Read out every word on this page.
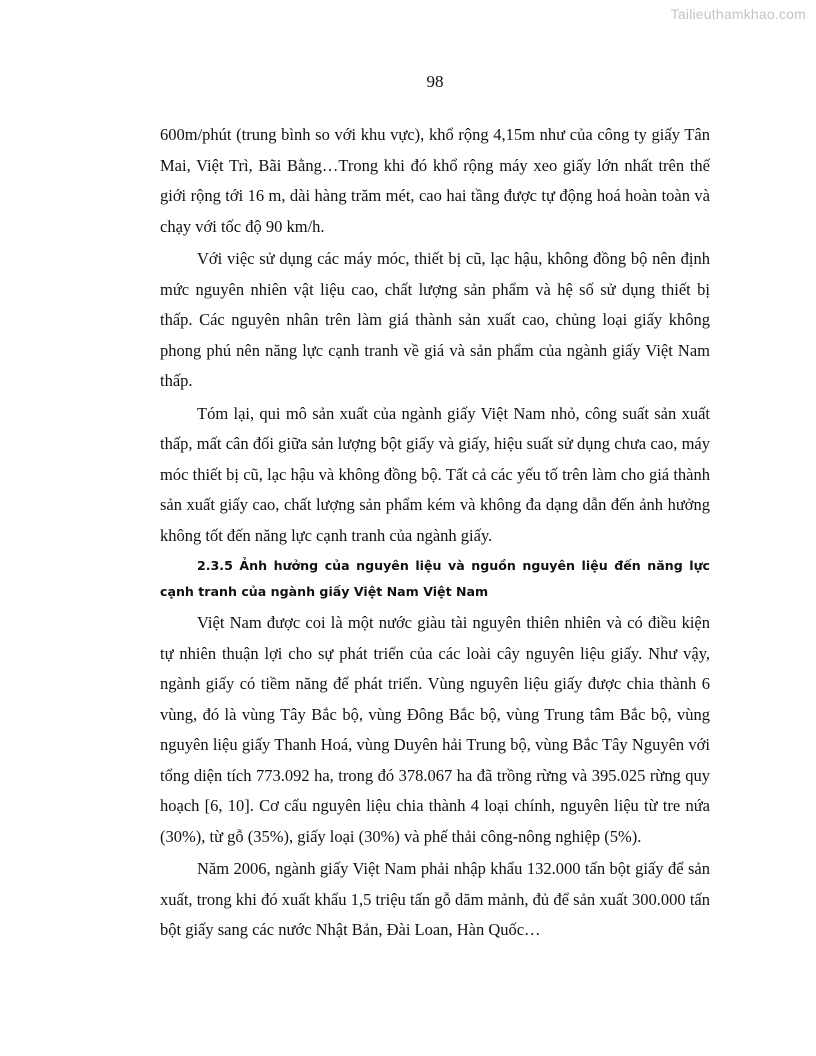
Tailieuthamkhao.com
98

600m/phút (trung bình so với khu vực), khổ rộng 4,15m như của công ty giấy Tân Mai, Việt Trì, Bãi Bằng…Trong khi đó khổ rộng máy xeo giấy lớn nhất trên thế giới rộng tới 16 m, dài hàng trăm mét, cao hai tầng được tự động hoá hoàn toàn và chạy với tốc độ 90 km/h.

Với việc sử dụng các máy móc, thiết bị cũ, lạc hậu, không đồng bộ nên định mức nguyên nhiên vật liệu cao, chất lượng sản phẩm và hệ số sử dụng thiết bị thấp. Các nguyên nhân trên làm giá thành sản xuất cao, chủng loại giấy không phong phú nên năng lực cạnh tranh về giá và sản phẩm của ngành giấy Việt Nam thấp.

Tóm lại, qui mô sản xuất của ngành giấy Việt Nam nhỏ, công suất sản xuất thấp, mất cân đối giữa sản lượng bột giấy và giấy, hiệu suất sử dụng chưa cao, máy móc thiết bị cũ, lạc hậu và không đồng bộ. Tất cả các yếu tố trên làm cho giá thành sản xuất giấy cao, chất lượng sản phẩm kém và không đa dạng dẫn đến ảnh hưởng không tốt đến năng lực cạnh tranh của ngành giấy.

2.3.5 Ảnh hưởng của nguyên liệu và nguồn nguyên liệu đến năng lực cạnh tranh của ngành giấy Việt Nam Việt Nam

Việt Nam được coi là một nước giàu tài nguyên thiên nhiên và có điều kiện tự nhiên thuận lợi cho sự phát triển của các loài cây nguyên liệu giấy. Như vậy, ngành giấy có tiềm năng để phát triển. Vùng nguyên liệu giấy được chia thành 6 vùng, đó là vùng Tây Bắc bộ, vùng Đông Bắc bộ, vùng Trung tâm Bắc bộ, vùng nguyên liệu giấy Thanh Hoá, vùng Duyên hải Trung bộ, vùng Bắc Tây Nguyên với tổng diện tích 773.092 ha, trong đó 378.067 ha đã trồng rừng và 395.025 rừng quy hoạch [6, 10]. Cơ cấu nguyên liệu chia thành 4 loại chính, nguyên liệu từ tre nứa (30%), từ gỗ (35%), giấy loại (30%) và phế thải công-nông nghiệp (5%).

Năm 2006, ngành giấy Việt Nam phải nhập khẩu 132.000 tấn bột giấy để sản xuất, trong khi đó xuất khẩu 1,5 triệu tấn gỗ dăm mảnh, đủ để sản xuất 300.000 tấn bột giấy sang các nước Nhật Bản, Đài Loan, Hàn Quốc…
